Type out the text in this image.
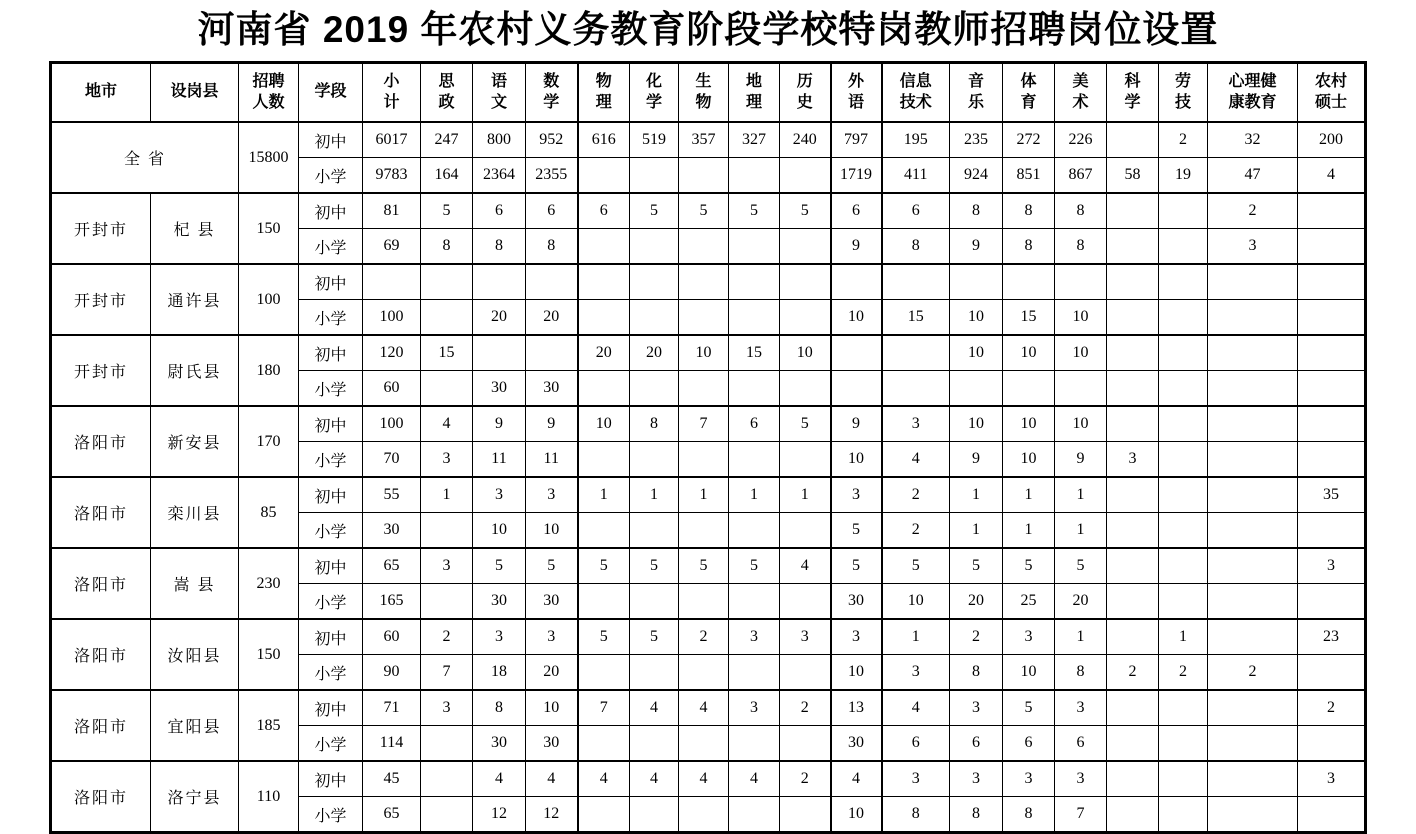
河南省 2019 年农村义务教育阶段学校特岗教师招聘岗位设置
地市	设岗县

招聘
人数

学段

小
计

思
政

语
文

数
学

物
理

化
学

生
物

地
理

历
史

外
语

信息
技术

音
乐

体
育

美
术

科
学

劳
技

心理健
康教育

农村
硕士

全 省		15800	初中	6017	247	800	952	616	519	357	327	240	797	195	235	272	226		2	32	200
			小学	9783	164	2364	2355						1719	411	924	851	867	58	19	47	4
开封市	杞 县	150	初中	81	5	6	6	6	5	5	5	5	6	6	8	8	8			2	
			小学	69	8	8	8						9	8	9	8	8			3	
开封市	通许县	100	初中																		
			小学	100		20	20						10	15	10	15	10				
开封市	尉氏县	180	初中	120	15			20	20	10	15	10			10	10	10				
			小学	60		30	30														
洛阳市	新安县	170	初中	100	4	9	9	10	8	7	6	5	9	3	10	10	10				
			小学	70	3	11	11						10	4	9	10	9	3			
洛阳市	栾川县	85	初中	55	1	3	3	1	1	1	1	1	3	2	1	1	1				35
			小学	30		10	10						5	2	1	1	1				
洛阳市	嵩 县	230	初中	65	3	5	5	5	5	5	5	4	5	5	5	5	5				3
			小学	165		30	30						30	10	20	25	20				
洛阳市	汝阳县	150	初中	60	2	3	3	5	5	2	3	3	3	1	2	3	1		1		23
			小学	90	7	18	20						10	3	8	10	8	2	2	2	
洛阳市	宜阳县	185	初中	71	3	8	10	7	4	4	3	2	13	4	3	5	3				2
			小学	114		30	30						30	6	6	6	6				
洛阳市	洛宁县	110	初中	45		4	4	4	4	4	4	2	4	3	3	3	3				3
			小学	65		12	12						10	8	8	8	7				
